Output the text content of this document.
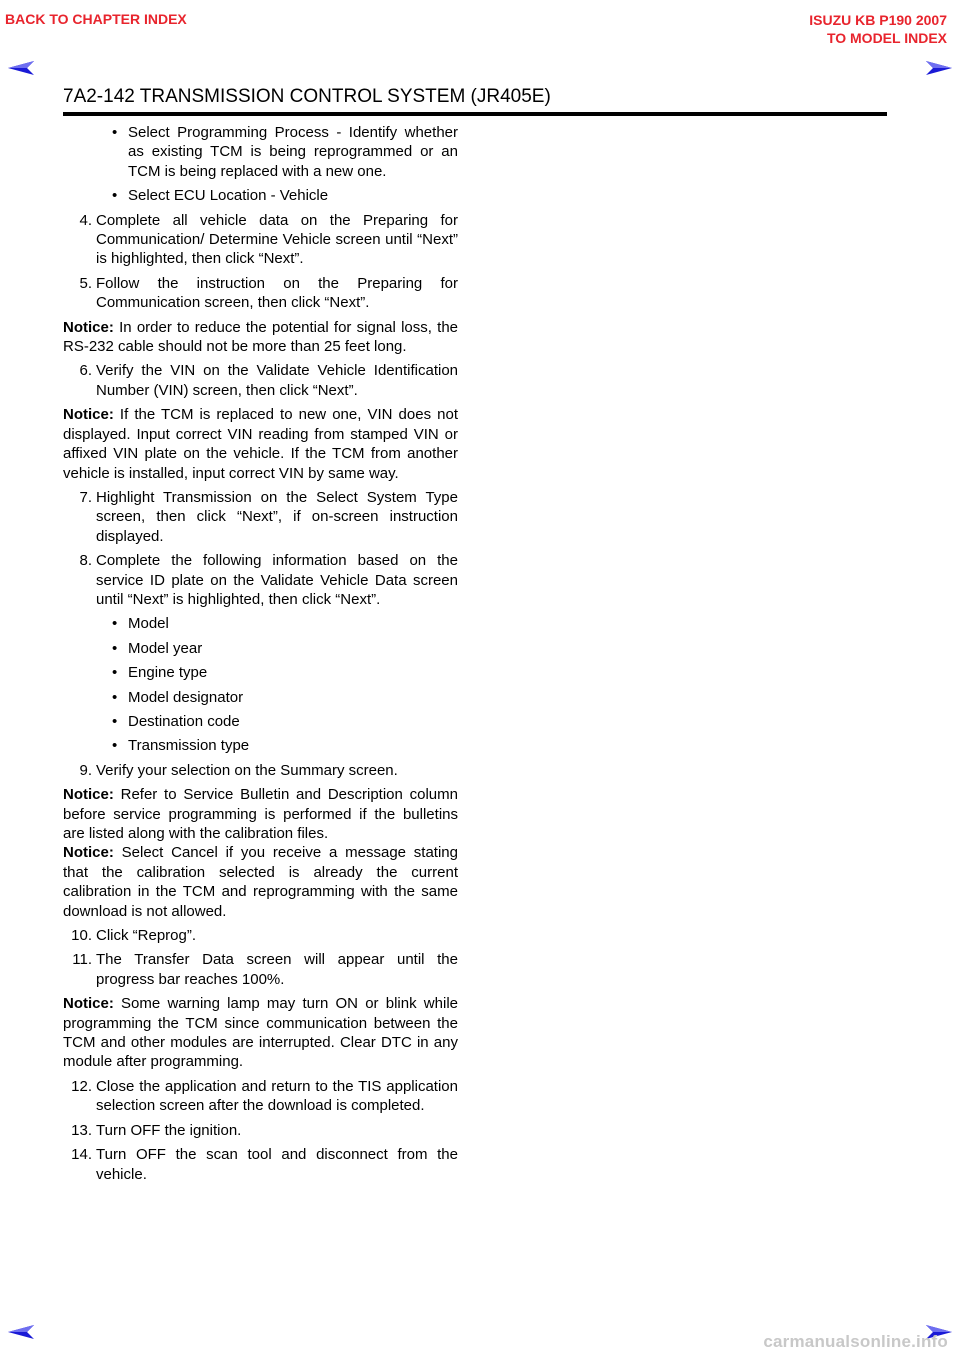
BACK TO CHAPTER INDEX	ISUZU KB P190 2007
TO MODEL INDEX
7A2-142 TRANSMISSION CONTROL SYSTEM (JR405E)
• Select Programming Process - Identify whether as existing TCM is being reprogrammed or an TCM is being replaced with a new one.
• Select ECU Location - Vehicle
4. Complete all vehicle data on the Preparing for Communication/ Determine Vehicle screen until “Next” is highlighted, then click “Next”.
5. Follow the instruction on the Preparing for Communication screen, then click “Next”.
Notice: In order to reduce the potential for signal loss, the RS-232 cable should not be more than 25 feet long.
6. Verify the VIN on the Validate Vehicle Identification Number (VIN) screen, then click “Next”.
Notice: If the TCM is replaced to new one, VIN does not displayed. Input correct VIN reading from stamped VIN or affixed VIN plate on the vehicle. If the TCM from another vehicle is installed, input correct VIN by same way.
7. Highlight Transmission on the Select System Type screen, then click “Next”, if on-screen instruction displayed.
8. Complete the following information based on the service ID plate on the Validate Vehicle Data screen until “Next” is highlighted, then click “Next”.
• Model
• Model year
• Engine type
• Model designator
• Destination code
• Transmission type
9. Verify your selection on the Summary screen.
Notice: Refer to Service Bulletin and Description column before service programming is performed if the bulletins are listed along with the calibration files.
Notice: Select Cancel if you receive a message stating that the calibration selected is already the current calibration in the TCM and reprogramming with the same download is not allowed.
10. Click “Reprog”.
11. The Transfer Data screen will appear until the progress bar reaches 100%.
Notice: Some warning lamp may turn ON or blink while programming the TCM since communication between the TCM and other modules are interrupted. Clear DTC in any module after programming.
12. Close the application and return to the TIS application selection screen after the download is completed.
13. Turn OFF the ignition.
14. Turn OFF the scan tool and disconnect from the vehicle.
carmanualsonline.info
